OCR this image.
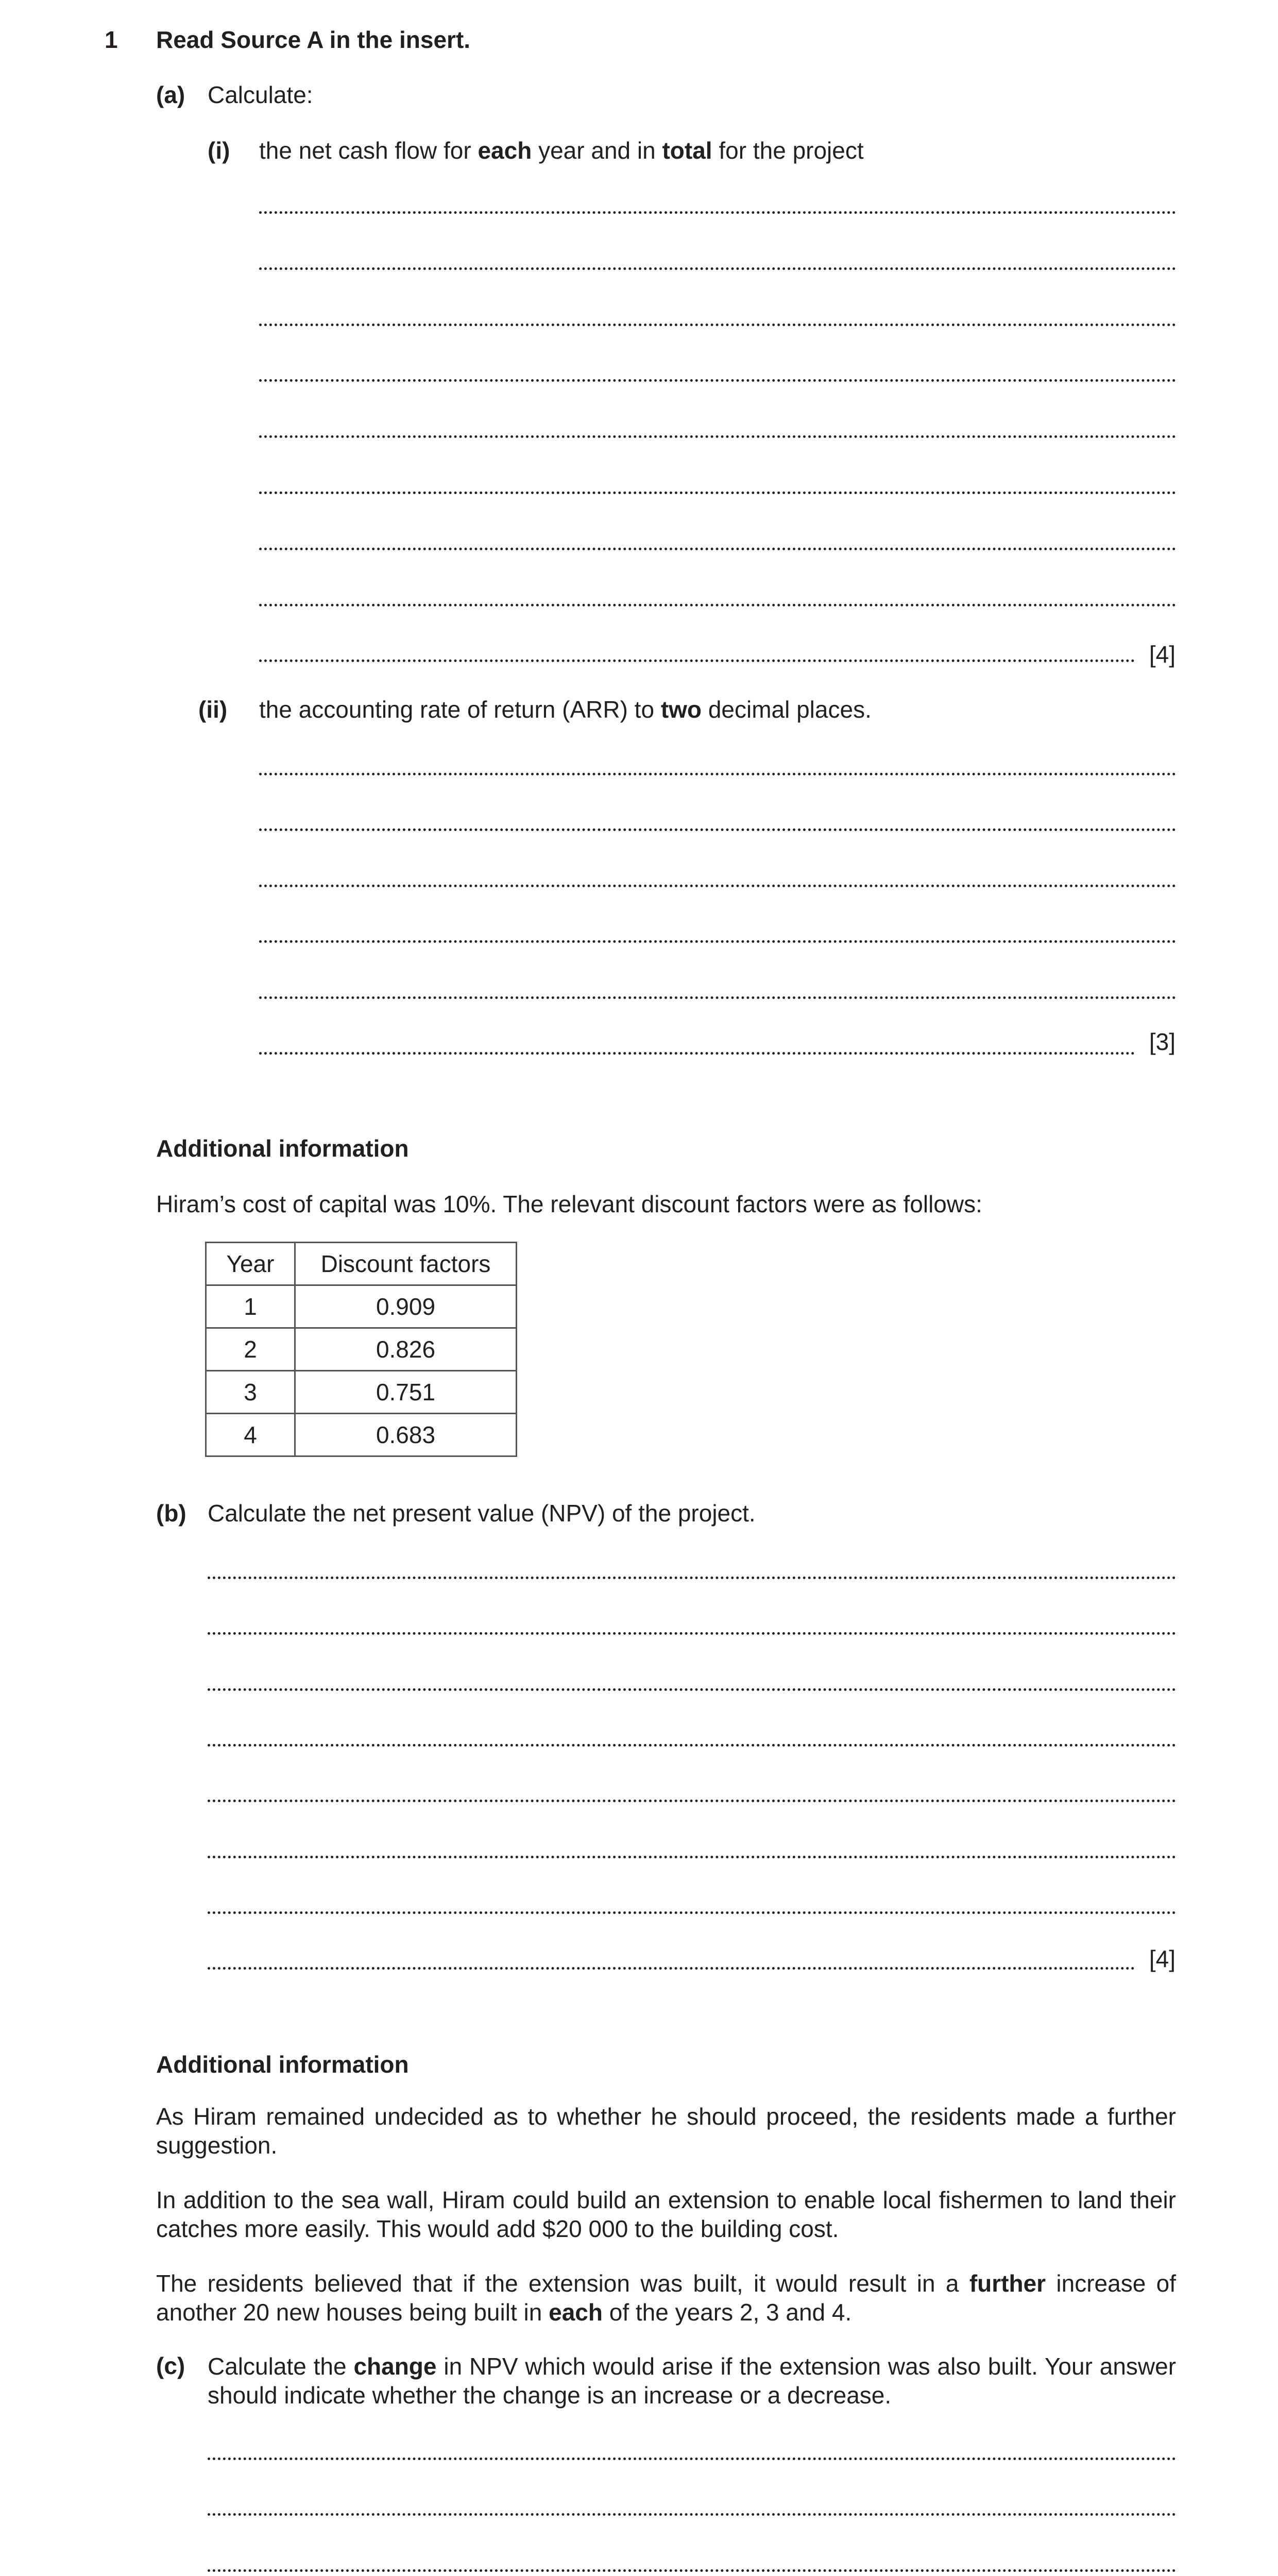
1 Read Source A in the insert.
(a) Calculate:
(i) the net cash flow for each year and in total for the project
[4]
(ii) the accounting rate of return (ARR) to two decimal places.
[3]
Additional information
Hiram’s cost of capital was 10%. The relevant discount factors were as follows:
Year	Discount factors
1	0.909
2	0.826
3	0.751
4	0.683
(b) Calculate the net present value (NPV) of the project.
[4]
Additional information
As Hiram remained undecided as to whether he should proceed, the residents made a further suggestion.
In addition to the sea wall, Hiram could build an extension to enable local fishermen to land their catches more easily. This would add $20 000 to the building cost.
The residents believed that if the extension was built, it would result in a further increase of another 20 new houses being built in each of the years 2, 3 and 4.
(c) Calculate the change in NPV which would arise if the extension was also built. Your answer should indicate whether the change is an increase or a decrease.
